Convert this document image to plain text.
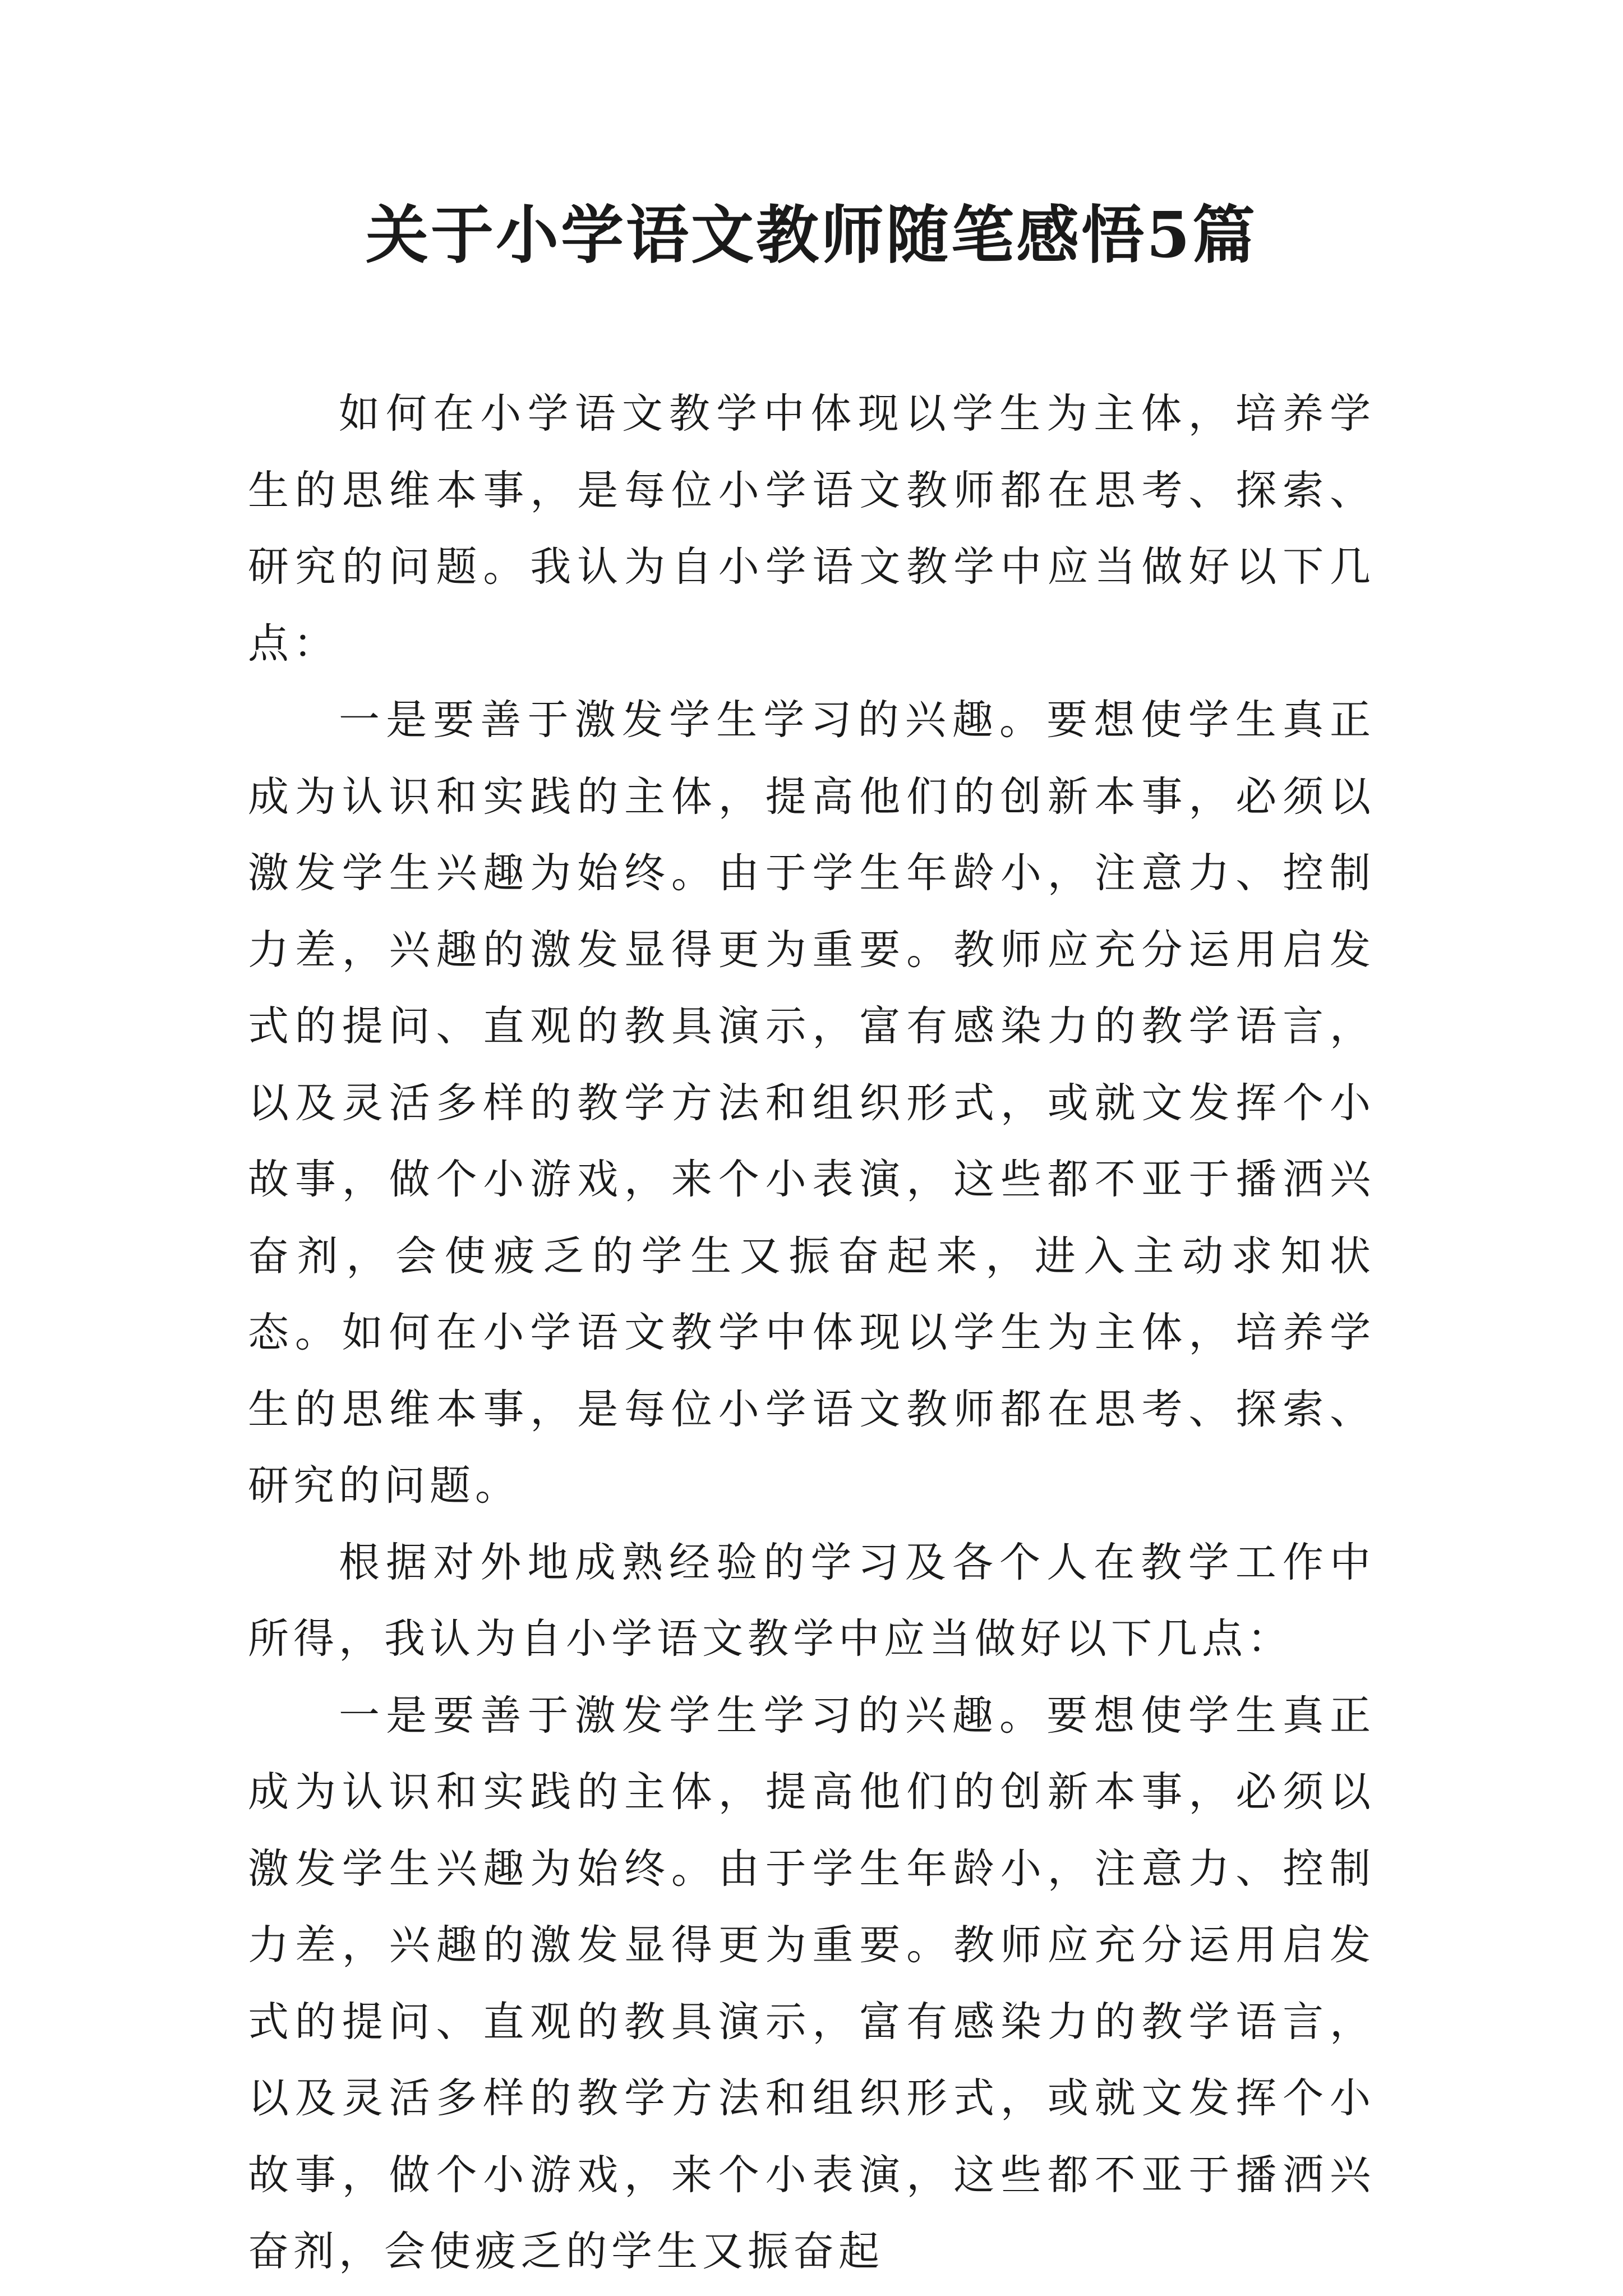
关于小学语文教师随笔感悟5篇

如何在小学语文教学中体现以学生为主体，培养学生的思维本事，是每位小学语文教师都在思考、探索、研究的问题。我认为自小学语文教学中应当做好以下几点：

一是要善于激发学生学习的兴趣。要想使学生真正成为认识和实践的主体，提高他们的创新本事，必须以激发学生兴趣为始终。由于学生年龄小，注意力、控制力差，兴趣的激发显得更为重要。教师应充分运用启发式的提问、直观的教具演示，富有感染力的教学语言，以及灵活多样的教学方法和组织形式，或就文发挥个小故事，做个小游戏，来个小表演，这些都不亚于播洒兴奋剂，会使疲乏的学生又振奋起来，进入主动求知状态。如何在小学语文教学中体现以学生为主体，培养学生的思维本事，是每位小学语文教师都在思考、探索、研究的问题。

根据对外地成熟经验的学习及各个人在教学工作中所得，我认为自小学语文教学中应当做好以下几点：

一是要善于激发学生学习的兴趣。要想使学生真正成为认识和实践的主体，提高他们的创新本事，必须以激发学生兴趣为始终。由于学生年龄小，注意力、控制力差，兴趣的激发显得更为重要。教师应充分运用启发式的提问、直观的教具演示，富有感染力的教学语言，以及灵活多样的教学方法和组织形式，或就文发挥个小故事，做个小游戏，来个小表演，这些都不亚于播洒兴奋剂，会使疲乏的学生又振奋起
